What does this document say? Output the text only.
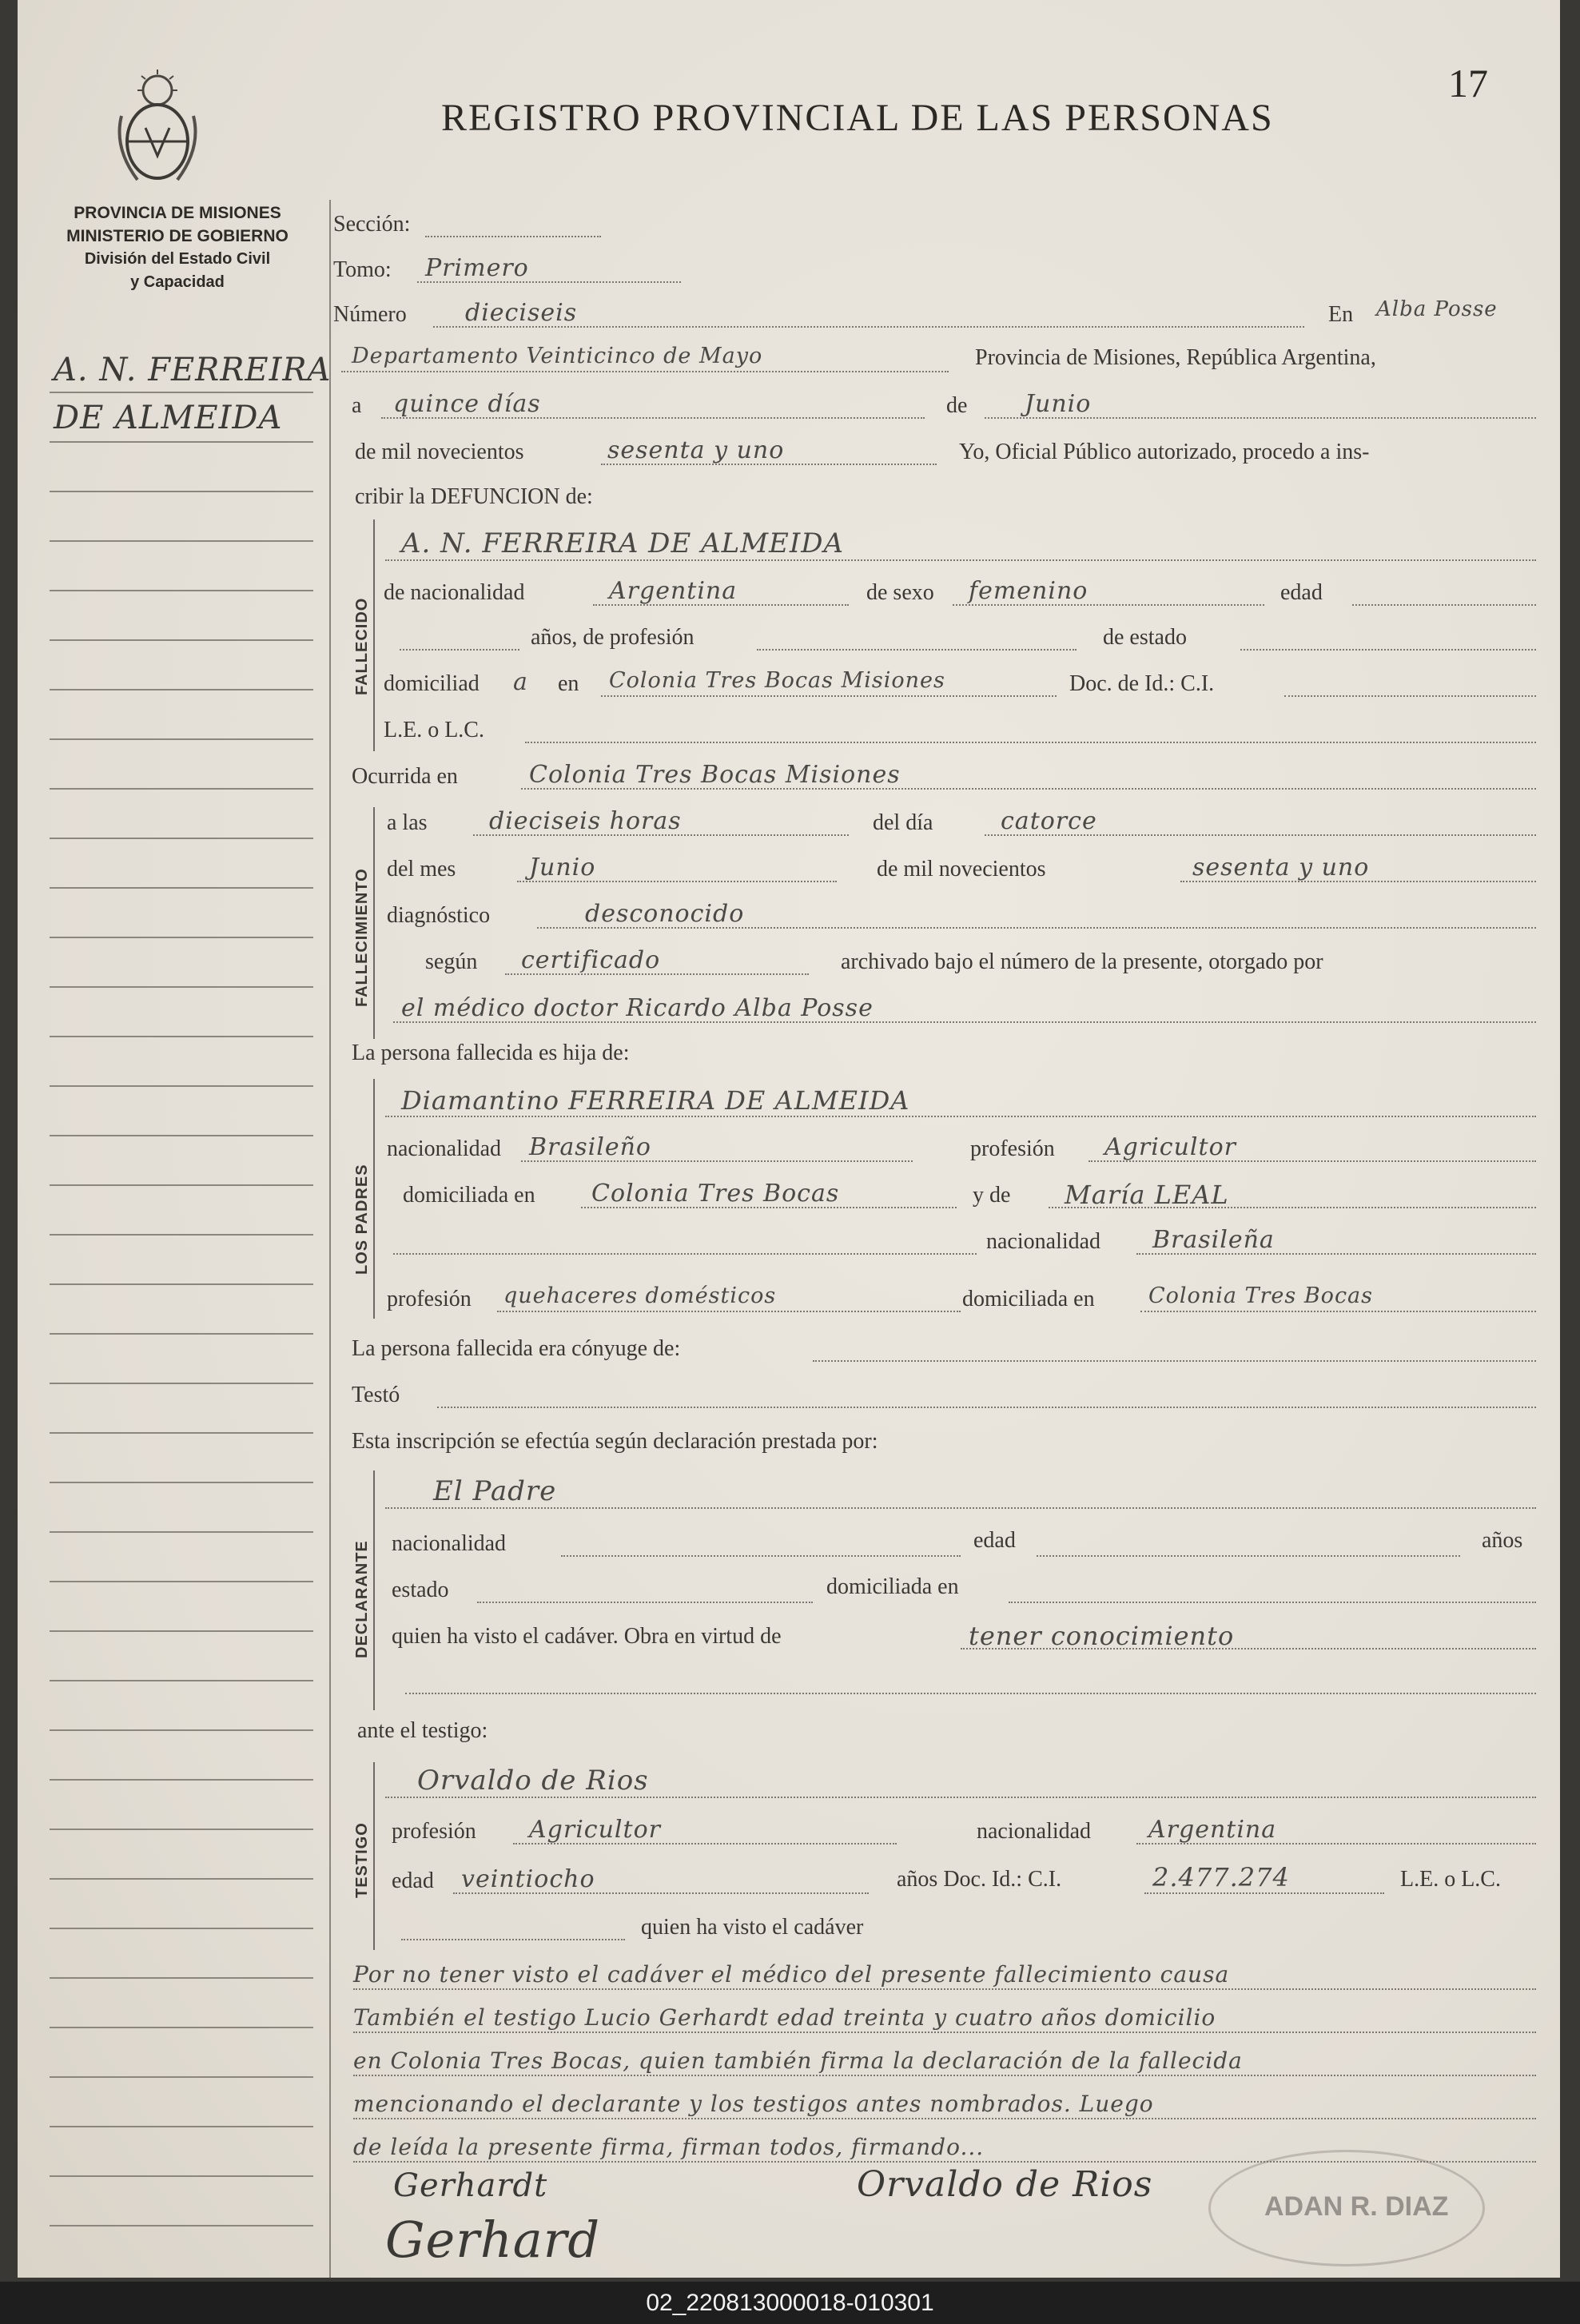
PROVINCIA DE MISIONES
MINISTERIO DE GOBIERNO
División del Estado Civil
y Capacidad
A. N. FERREIRA
DE ALMEIDA
REGISTRO PROVINCIAL DE LAS PERSONAS
17
Sección:
Tomo: Primero
Número dieciseis	En Alba Posse
Departamento Veinticinco de Mayo	Provincia de Misiones, República Argentina,
a quince días	de Junio
de mil novecientos	sesenta y uno	Yo, Oficial Público autorizado, procedo a ins-
cribir la DEFUNCION de:
FALLECIDO
A. N. FERREIRA DE ALMEIDA
de nacionalidad	Argentina	de sexo femenino	edad
años, de profesión	de estado
domiciliad a en Colonia Tres Bocas Misiones	Doc. de Id.: C.I.
L.E. o L.C.
Ocurrida en	Colonia Tres Bocas Misiones
FALLECIMIENTO
a las	dieciseis horas	del día	catorce
del mes	Junio	de mil novecientos	sesenta y uno
diagnóstico	desconocido
según certificado	archivado bajo el número de la presente, otorgado por
el médico doctor Ricardo Alba Posse
La persona fallecida es hija de:
LOS PADRES
Diamantino FERREIRA DE ALMEIDA
nacionalidad Brasileño	profesión Agricultor
domiciliada en Colonia Tres Bocas	y de María LEAL
nacionalidad Brasileña
profesión quehaceres domésticos	domiciliada en Colonia Tres Bocas
La persona fallecida era cónyuge de:
Testó
Esta inscripción se efectúa según declaración prestada por:
DECLARANTE
El Padre
nacionalidad	edad	años
estado	domiciliada en
quien ha visto el cadáver. Obra en virtud de	tener conocimiento
ante el testigo:
TESTIGO
Orvaldo de Rios
profesión Agricultor	nacionalidad Argentina
edad veintiocho	años Doc. Id.: C.I.	2.477.274	L.E. o L.C.
quien ha visto el cadáver
Por no tener visto el cadáver el médico del presente fallecimiento causa
También el testigo Lucio Gerhardt edad treinta y cuatro años domicilio
en Colonia Tres Bocas, quien también firma la declaración de la fallecida
mencionando el declarante y los testigos antes nombrados. Luego
de leída la presente firma, firman todos, firmando...
Gerhardt	Orvaldo de Rios
Gerhard
ADAN R. DIAZ
02_220813000018-010301
